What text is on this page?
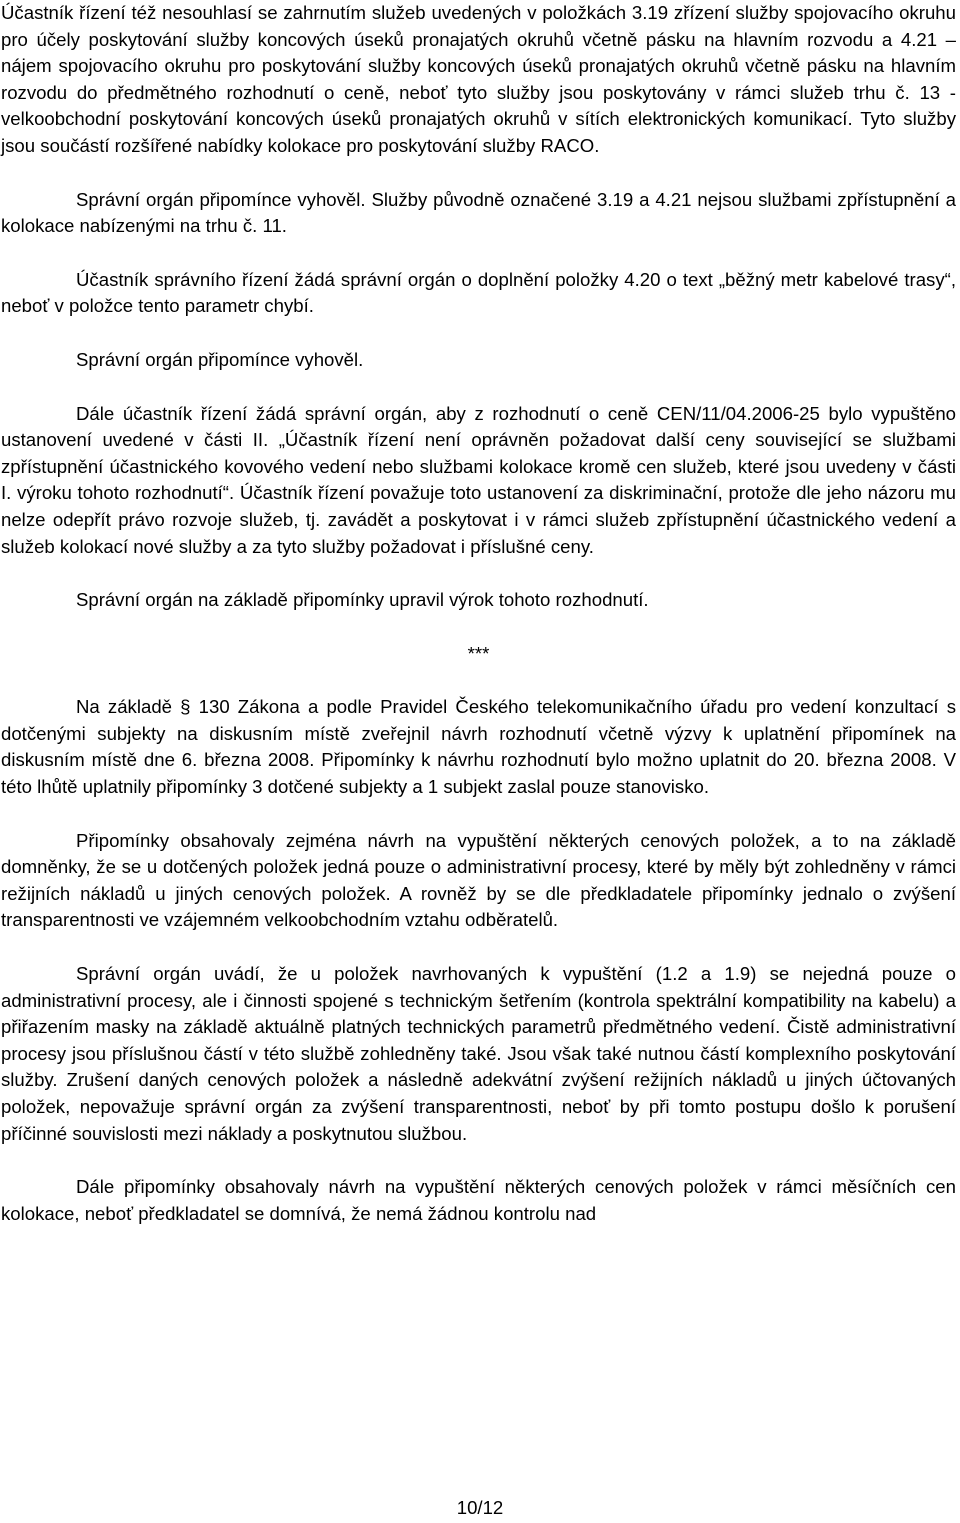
Účastník řízení též nesouhlasí se zahrnutím služeb uvedených v položkách 3.19 zřízení služby spojovacího okruhu pro účely poskytování služby koncových úseků pronajatých okruhů včetně pásku na hlavním rozvodu a 4.21 – nájem spojovacího okruhu pro poskytování služby koncových úseků pronajatých okruhů včetně pásku na hlavním rozvodu do předmětného rozhodnutí o ceně, neboť tyto služby jsou poskytovány v rámci služeb trhu č. 13 - velkoobchodní poskytování koncových úseků pronajatých okruhů v sítích elektronických komunikací. Tyto služby jsou součástí rozšířené nabídky kolokace pro poskytování služby RACO.

Správní orgán připomínce vyhověl. Služby původně označené 3.19 a 4.21 nejsou službami zpřístupnění a kolokace nabízenými na trhu č. 11.

Účastník správního řízení žádá správní orgán o doplnění položky 4.20 o text „běžný metr kabelové trasy“, neboť v položce tento parametr chybí.

Správní orgán připomínce vyhověl.

Dále účastník řízení žádá správní orgán, aby z rozhodnutí o ceně CEN/11/04.2006-25 bylo vypuštěno ustanovení uvedené v části II. „Účastník řízení není oprávněn požadovat další ceny související se službami zpřístupnění účastnického kovového vedení nebo službami kolokace kromě cen služeb, které jsou uvedeny v části I. výroku tohoto rozhodnutí“. Účastník řízení považuje toto ustanovení za diskriminační, protože dle jeho názoru mu nelze odepřít právo rozvoje služeb, tj. zavádět a poskytovat i v rámci služeb zpřístupnění účastnického vedení a služeb kolokací nové služby a za tyto služby požadovat i příslušné ceny.

Správní orgán na základě připomínky upravil výrok tohoto rozhodnutí.

***

Na základě § 130 Zákona a podle Pravidel Českého telekomunikačního úřadu pro vedení konzultací s dotčenými subjekty na diskusním místě zveřejnil návrh rozhodnutí včetně výzvy k uplatnění připomínek na diskusním místě dne 6. března 2008. Připomínky k návrhu rozhodnutí bylo možno uplatnit do 20. března 2008. V této lhůtě uplatnily připomínky 3 dotčené subjekty a 1 subjekt zaslal pouze stanovisko.

Připomínky obsahovaly zejména návrh na vypuštění některých cenových položek, a to na základě domněnky, že se u dotčených položek jedná pouze o administrativní procesy, které by měly být zohledněny v rámci režijních nákladů u jiných cenových položek. A rovněž by se dle předkladatele připomínky jednalo o zvýšení transparentnosti ve vzájemném velkoobchodním vztahu odběratelů.

Správní orgán uvádí, že u položek navrhovaných k vypuštění (1.2 a 1.9) se nejedná pouze o administrativní procesy, ale i činnosti spojené s technickým šetřením (kontrola spektrální kompatibility na kabelu) a přiřazením masky na základě aktuálně platných technických parametrů předmětného vedení. Čistě administrativní procesy jsou příslušnou částí v této službě zohledněny také. Jsou však také nutnou částí komplexního poskytování služby. Zrušení daných cenových položek a následně adekvátní zvýšení režijních nákladů u jiných účtovaných položek, nepovažuje správní orgán za zvýšení transparentnosti, neboť by při tomto postupu došlo k porušení příčinné souvislosti mezi náklady a poskytnutou službou.

Dále připomínky obsahovaly návrh na vypuštění některých cenových položek v rámci měsíčních cen kolokace, neboť předkladatel se domnívá, že nemá žádnou kontrolu nad

10/12
